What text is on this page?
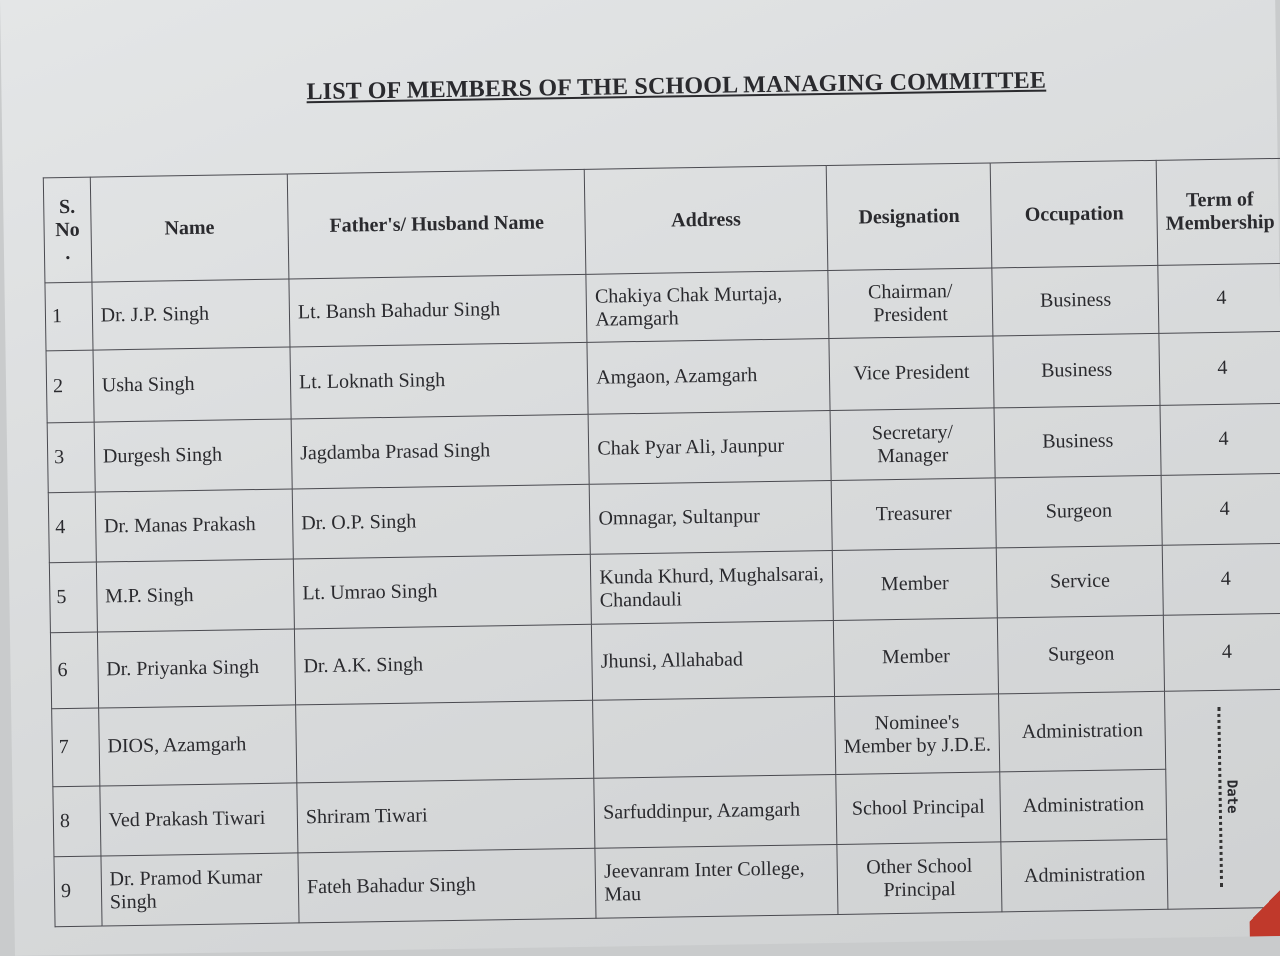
LIST OF MEMBERS OF THE SCHOOL MANAGING COMMITTEE
S. No .	Name	Father's/ Husband Name	Address	Designation	Occupation	Term of Membership
1	Dr. J.P. Singh	Lt. Bansh Bahadur Singh	Chakiya Chak Murtaja, Azamgarh	Chairman/ President	Business	4
2	Usha Singh	Lt. Loknath Singh	Amgaon, Azamgarh	Vice President	Business	4
3	Durgesh Singh	Jagdamba Prasad Singh	Chak Pyar Ali, Jaunpur	Secretary/ Manager	Business	4
4	Dr. Manas Prakash	Dr. O.P. Singh	Omnagar, Sultanpur	Treasurer	Surgeon	4
5	M.P. Singh	Lt. Umrao Singh	Kunda Khurd, Mughalsarai, Chandauli	Member	Service	4
6	Dr. Priyanka Singh	Dr. A.K. Singh	Jhunsi, Allahabad	Member	Surgeon	4
7	DIOS, Azamgarh			Nominee's Member by J.D.E.	Administration	Date
8	Ved Prakash Tiwari	Shriram Tiwari	Sarfuddinpur, Azamgarh	School Principal	Administration	
9	Dr. Pramod Kumar Singh	Fateh Bahadur Singh	Jeevanram Inter College, Mau	Other School Principal	Administration	
